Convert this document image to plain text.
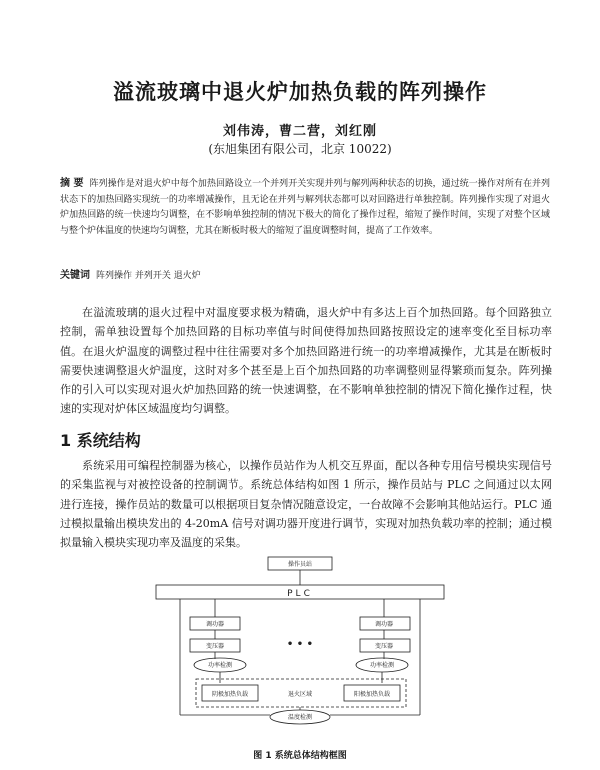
溢流玻璃中退火炉加热负载的阵列操作
刘伟涛，曹二营，刘红刚
(东旭集团有限公司，北京 10022)
摘 要 阵列操作是对退火炉中每个加热回路设立一个并列开关实现并列与解列两种状态的切换，通过统一操作对所有在并列状态下的加热回路实现统一的功率增减操作，且无论在并列与解列状态都可以对回路进行单独控制。阵列操作实现了对退火炉加热回路的统一快速均匀调整，在不影响单独控制的情况下极大的简化了操作过程，缩短了操作时间，实现了对整个区域与整个炉体温度的快速均匀调整，尤其在断板时极大的缩短了温度调整时间，提高了工作效率。
关键词 阵列操作 并列开关 退火炉
在溢流玻璃的退火过程中对温度要求极为精确，退火炉中有多达上百个加热回路。每个回路独立控制，需单独设置每个加热回路的目标功率值与时间使得加热回路按照设定的速率变化至目标功率值。在退火炉温度的调整过程中往往需要对多个加热回路进行统一的功率增减操作，尤其是在断板时需要快速调整退火炉温度，这时对多个甚至是上百个加热回路的功率调整则显得繁琐而复杂。阵列操作的引入可以实现对退火炉加热回路的统一快速调整，在不影响单独控制的情况下简化操作过程，快速的实现对炉体区域温度均匀调整。
1 系统结构
系统采用可编程控制器为核心，以操作员站作为人机交互界面，配以各种专用信号模块实现信号的采集监视与对被控设备的控制调节。系统总体结构如图 1 所示，操作员站与 PLC 之间通过以太网进行连接，操作员站的数量可以根据项目复杂情况随意设定，一台故障不会影响其他站运行。PLC 通过模拟量输出模块发出的 4-20mA 信号对调功器开度进行调节，实现对加热负载功率的控制；通过模拟量输入模块实现功率及温度的采集。
操作员站
PLC
调功器
变压器
功率检测
调功器
变压器
功率检测
• • •
阴极加热负载	退火区域	阳极加热负载
温度检测
图 1 系统总体结构框图
